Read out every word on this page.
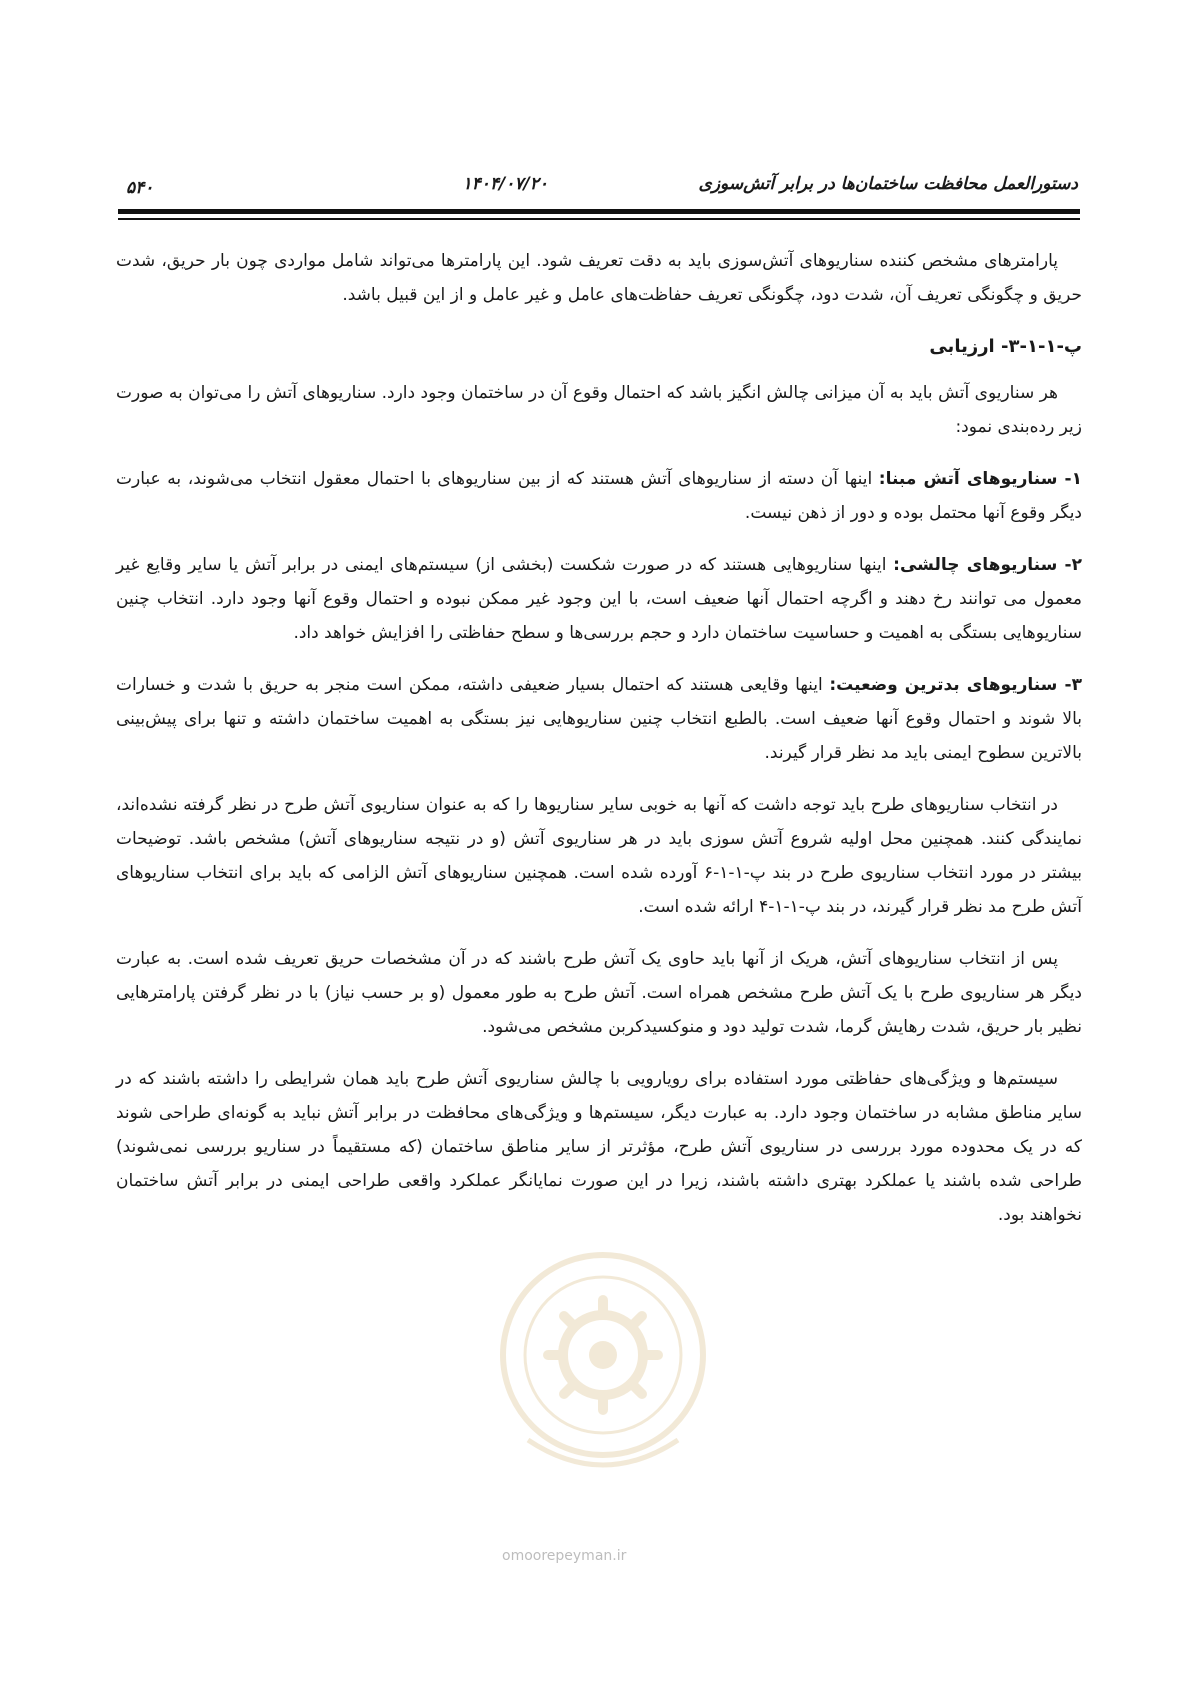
دستورالعمل محافظت ساختمان‌ها در برابر آتش‌سوزی
۱۴۰۴/۰۷/۲۰
۵۴۰

پارامترهای مشخص کننده سناریوهای آتش‌سوزی باید به دقت تعریف شود. این پارامترها می‌تواند شامل مواردی چون بار حریق، شدت حریق و چگونگی تعریف آن، شدت دود، چگونگی تعریف حفاظت‌های عامل و غیر عامل و از این قبیل باشد.

پ-۱-۱-۳- ارزیابی

هر سناریوی آتش باید به آن میزانی چالش انگیز باشد که احتمال وقوع آن در ساختمان وجود دارد. سناریوهای آتش را می‌توان به صورت زیر رده‌بندی نمود:

۱- سناریوهای آتش مبنا: اینها آن دسته از سناریوهای آتش هستند که از بین سناریوهای با احتمال معقول انتخاب می‌شوند، به عبارت دیگر وقوع آنها محتمل بوده و دور از ذهن نیست.

۲- سناریوهای چالشی: اینها سناریوهایی هستند که در صورت شکست (بخشی از) سیستم‌های ایمنی در برابر آتش یا سایر وقایع غیر معمول می توانند رخ دهند و اگرچه احتمال آنها ضعیف است، با این وجود غیر ممکن نبوده و احتمال وقوع آنها وجود دارد. انتخاب چنین سناریوهایی بستگی به اهمیت و حساسیت ساختمان دارد و حجم بررسی‌ها و سطح حفاظتی را افزایش خواهد داد.

۳- سناریوهای بدترین وضعیت: اینها وقایعی هستند که احتمال بسیار ضعیفی داشته، ممکن است منجر به حریق با شدت و خسارات بالا شوند و احتمال وقوع آنها ضعیف است. بالطبع انتخاب چنین سناریوهایی نیز بستگی به اهمیت ساختمان داشته و تنها برای پیش‌بینی بالاترین سطوح ایمنی باید مد نظر قرار گیرند.

در انتخاب سناریوهای طرح باید توجه داشت که آنها به خوبی سایر سناریوها را که به عنوان سناریوی آتش طرح در نظر گرفته نشده‌اند، نمایندگی کنند. همچنین محل اولیه شروع آتش سوزی باید در هر سناریوی آتش (و در نتیجه سناریوهای آتش) مشخص باشد. توضیحات بیشتر در مورد انتخاب سناریوی طرح در بند پ-۱-۱-۶ آورده شده است. همچنین سناریوهای آتش الزامی که باید برای انتخاب سناریوهای آتش طرح مد نظر قرار گیرند، در بند پ-۱-۱-۴ ارائه شده است.

پس از انتخاب سناریوهای آتش، هریک از آنها باید حاوی یک آتش طرح باشند که در آن مشخصات حریق تعریف شده است. به عبارت دیگر هر سناریوی طرح با یک آتش طرح مشخص همراه است. آتش طرح به طور معمول (و بر حسب نیاز) با در نظر گرفتن پارامترهایی نظیر بار حریق، شدت رهایش گرما، شدت تولید دود و منوکسیدکربن مشخص می‌شود.

سیستم‌ها و ویژگی‌های حفاظتی مورد استفاده برای رویارویی با چالش سناریوی آتش طرح باید همان شرایطی را داشته باشند که در سایر مناطق مشابه در ساختمان وجود دارد. به عبارت دیگر، سیستم‌ها و ویژگی‌های محافظت در برابر آتش نباید به گونه‌ای طراحی شوند که در یک محدوده مورد بررسی در سناریوی آتش طرح، مؤثرتر از سایر مناطق ساختمان (که مستقیماً در سناریو بررسی نمی‌شوند) طراحی شده باشند یا عملکرد بهتری داشته باشند، زیرا در این صورت نمایانگر عملکرد واقعی طراحی ایمنی در برابر آتش ساختمان نخواهند بود.

omoorepeyman.ir
